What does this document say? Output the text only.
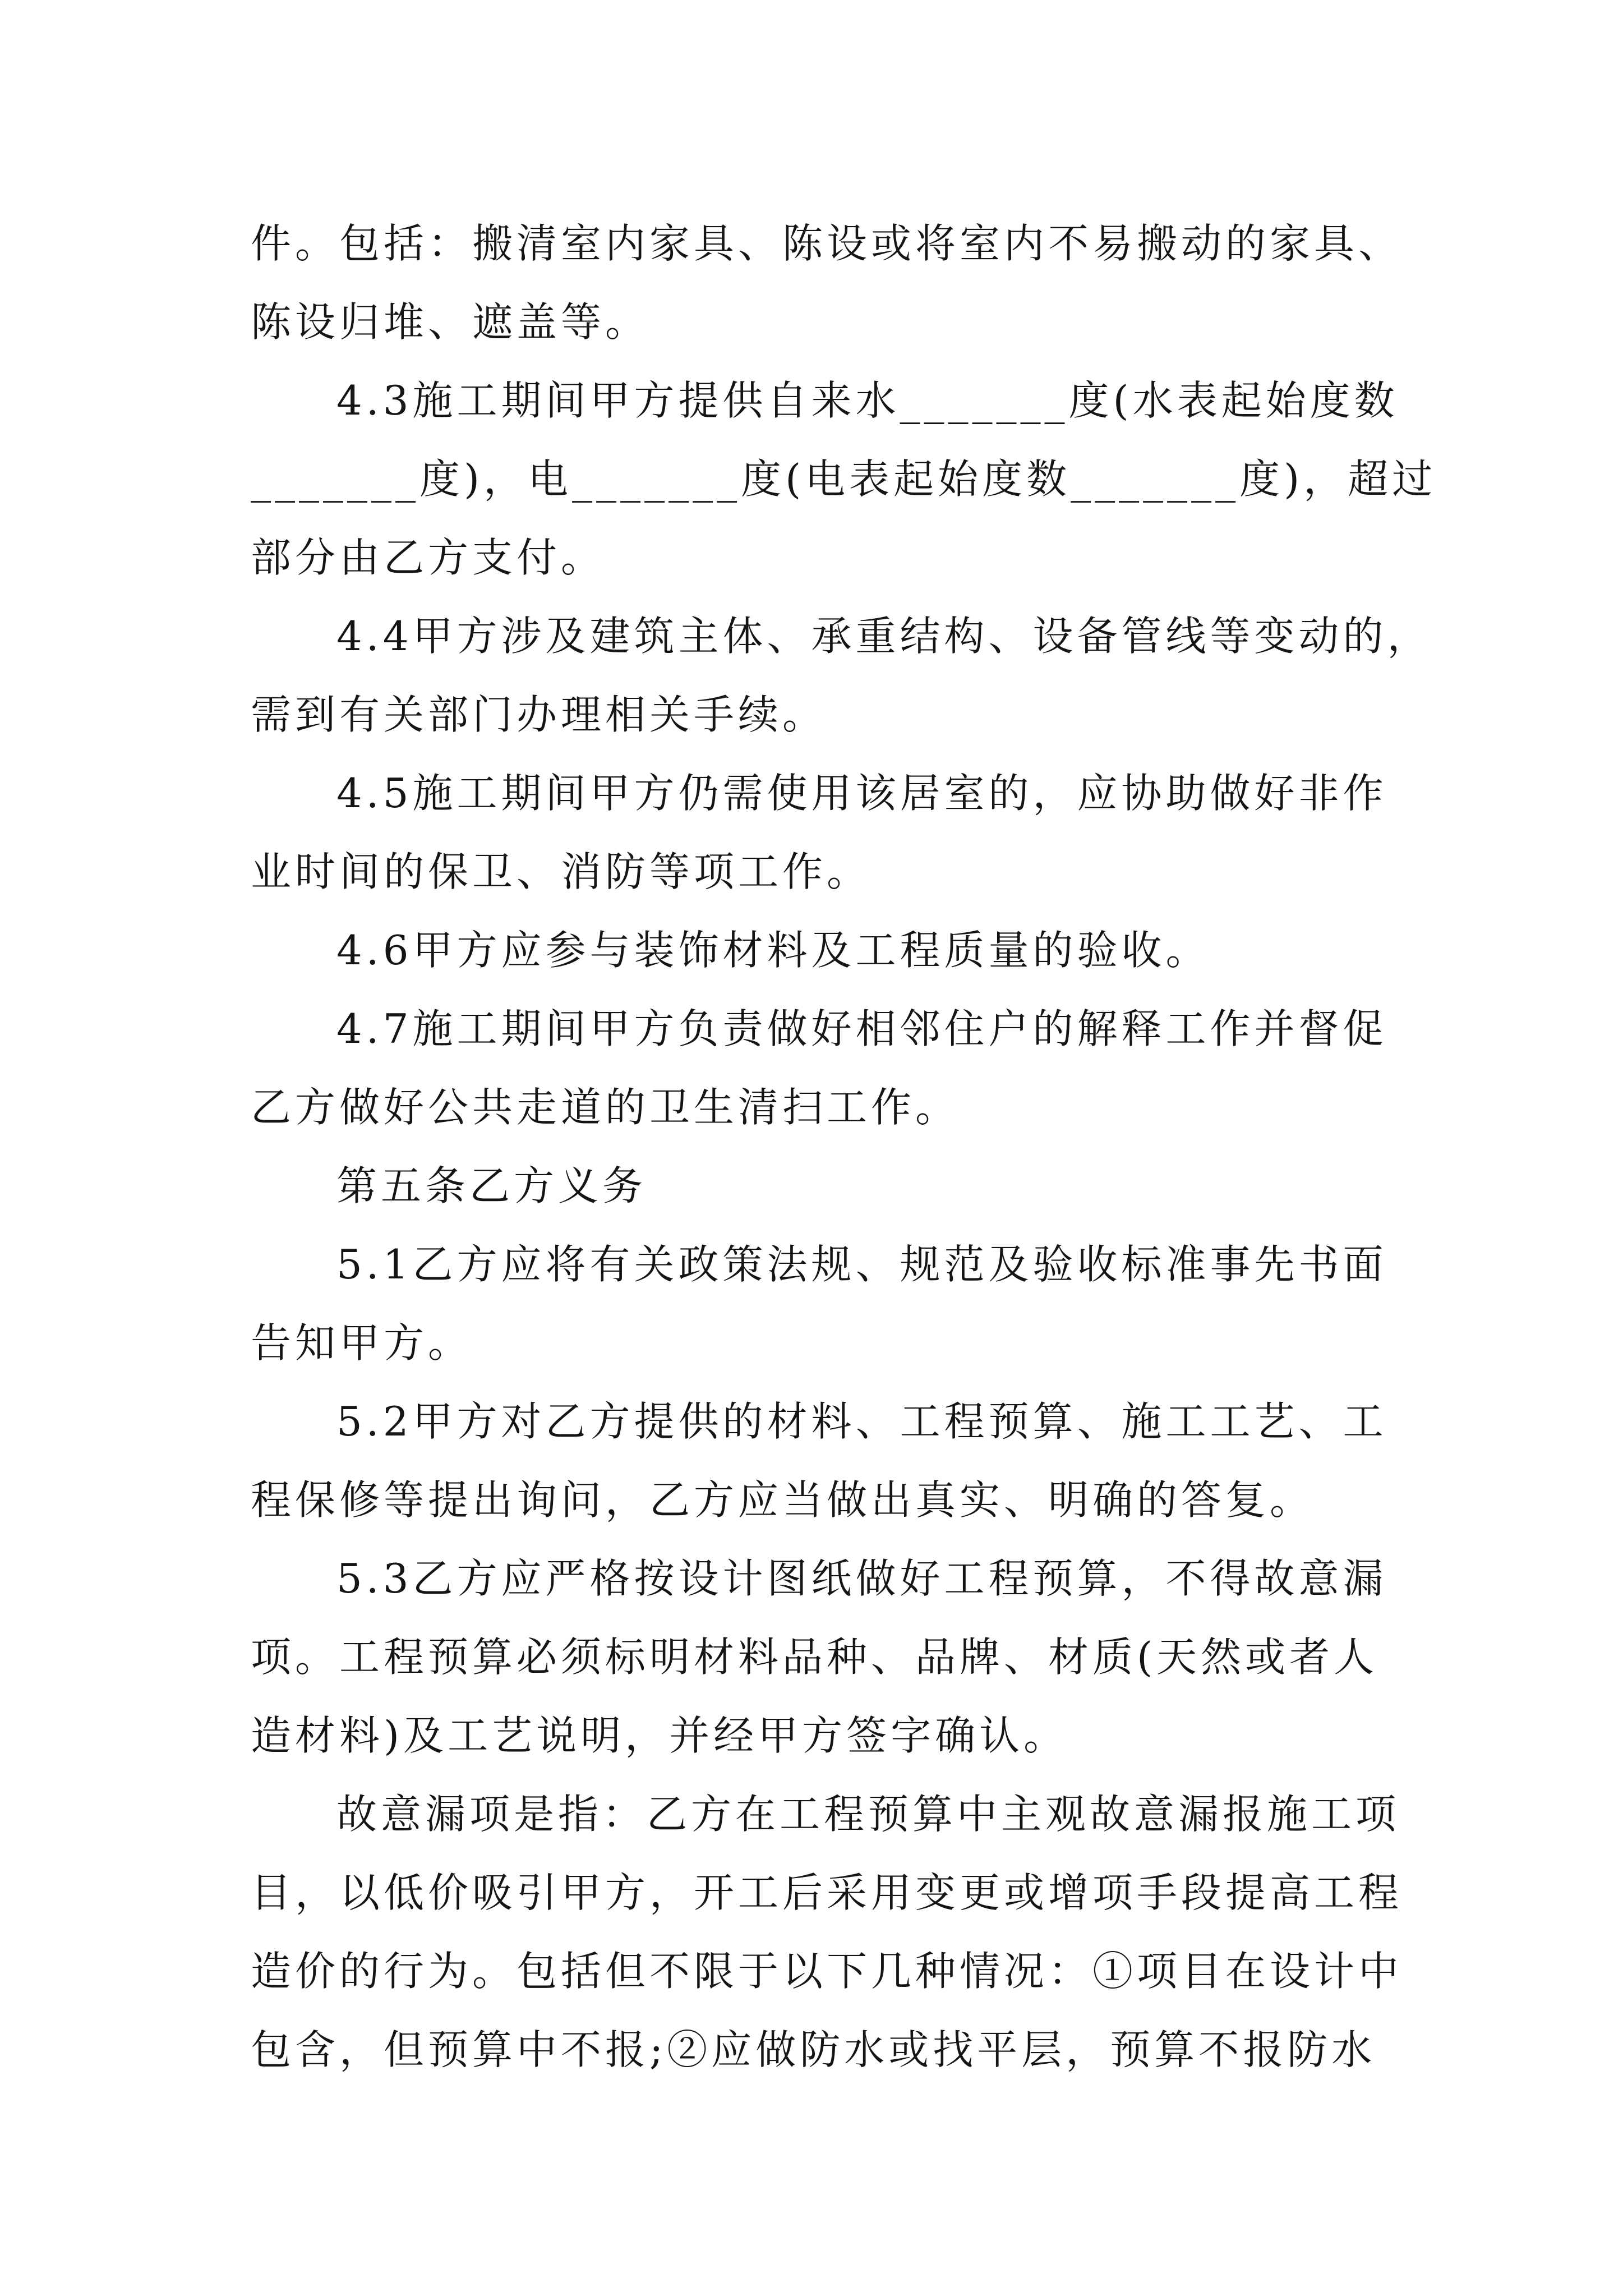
件。包括：搬清室内家具、陈设或将室内不易搬动的家具、
陈设归堆、遮盖等。
4.3施工期间甲方提供自来水_______度(水表起始度数
_______度)，电_______度(电表起始度数_______度)，超过
部分由乙方支付。
4.4甲方涉及建筑主体、承重结构、设备管线等变动的，
需到有关部门办理相关手续。
4.5施工期间甲方仍需使用该居室的，应协助做好非作
业时间的保卫、消防等项工作。
4.6甲方应参与装饰材料及工程质量的验收。
4.7施工期间甲方负责做好相邻住户的解释工作并督促
乙方做好公共走道的卫生清扫工作。
第五条乙方义务
5.1乙方应将有关政策法规、规范及验收标准事先书面
告知甲方。
5.2甲方对乙方提供的材料、工程预算、施工工艺、工
程保修等提出询问，乙方应当做出真实、明确的答复。
5.3乙方应严格按设计图纸做好工程预算，不得故意漏
项。工程预算必须标明材料品种、品牌、材质(天然或者人
造材料)及工艺说明，并经甲方签字确认。
故意漏项是指：乙方在工程预算中主观故意漏报施工项
目，以低价吸引甲方，开工后采用变更或增项手段提高工程
造价的行为。包括但不限于以下几种情况：①项目在设计中
包含，但预算中不报;②应做防水或找平层，预算不报防水
